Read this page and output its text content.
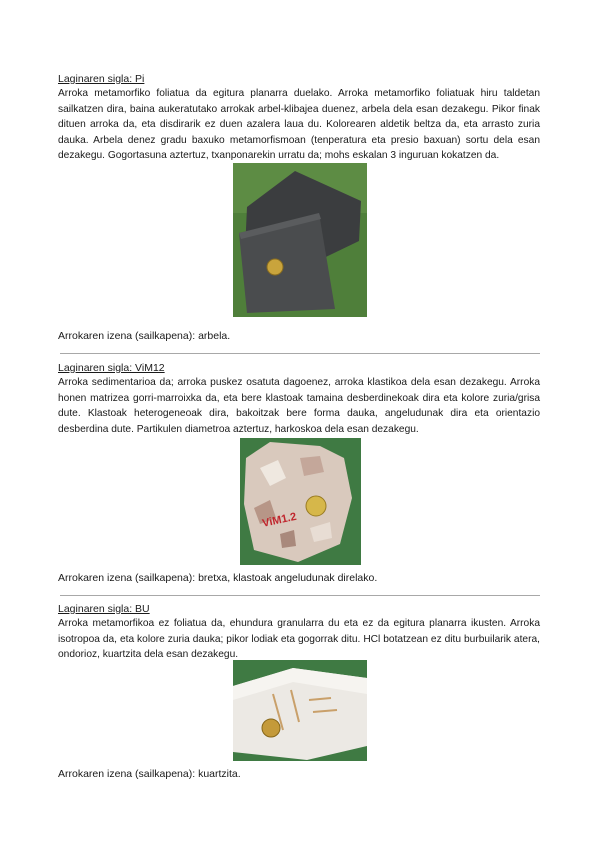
Laginaren sigla: Pi

Arroka metamorfiko foliatua da egitura planarra duelako. Arroka metamorfiko foliatuak hiru taldetan sailkatzen dira, baina aukeratutako arrokak arbel-klibajea duenez, arbela dela esan dezakegu. Pikor finak dituen arroka da, eta disdirarik ez duen azalera laua du. Kolorearen aldetik beltza da, eta arrasto zuria dauka. Arbela denez gradu baxuko metamorfismoan (tenperatura eta presio baxuan) sortu dela esan dezakegu. Gogortasuna aztertuz, txanponarekin urratu da; mohs eskalan 3 inguruan kokatzen da.

Arrokaren izena (sailkapena): arbela.
Laginaren sigla: ViM12

Arroka sedimentarioa da; arroka puskez osatuta dagoenez, arroka klastikoa dela esan dezakegu. Arroka honen matrizea gorri-marroixka da, eta bere klastoak tamaina desberdinekoak dira eta kolore zuria/grisa dute. Klastoak heterogeneoak dira, bakoitzak bere forma dauka, angeludunak dira eta orientazio desberdina dute. Partikulen diametroa aztertuz, harkoskoa dela esan dezakegu.

ViM1.2
Arrokaren izena (sailkapena): bretxa, klastoak angeludunak direlako.
Laginaren sigla: BU

Arroka metamorfikoa ez foliatua da, ehundura granularra du eta ez da egitura planarra ikusten. Arroka isotropoa da, eta kolore zuria dauka; pikor lodiak eta gogorrak ditu. HCl botatzean ez ditu burbuilarik atera, ondorioz, kuartzita dela esan dezakegu.

Arrokaren izena (sailkapena): kuartzita.
